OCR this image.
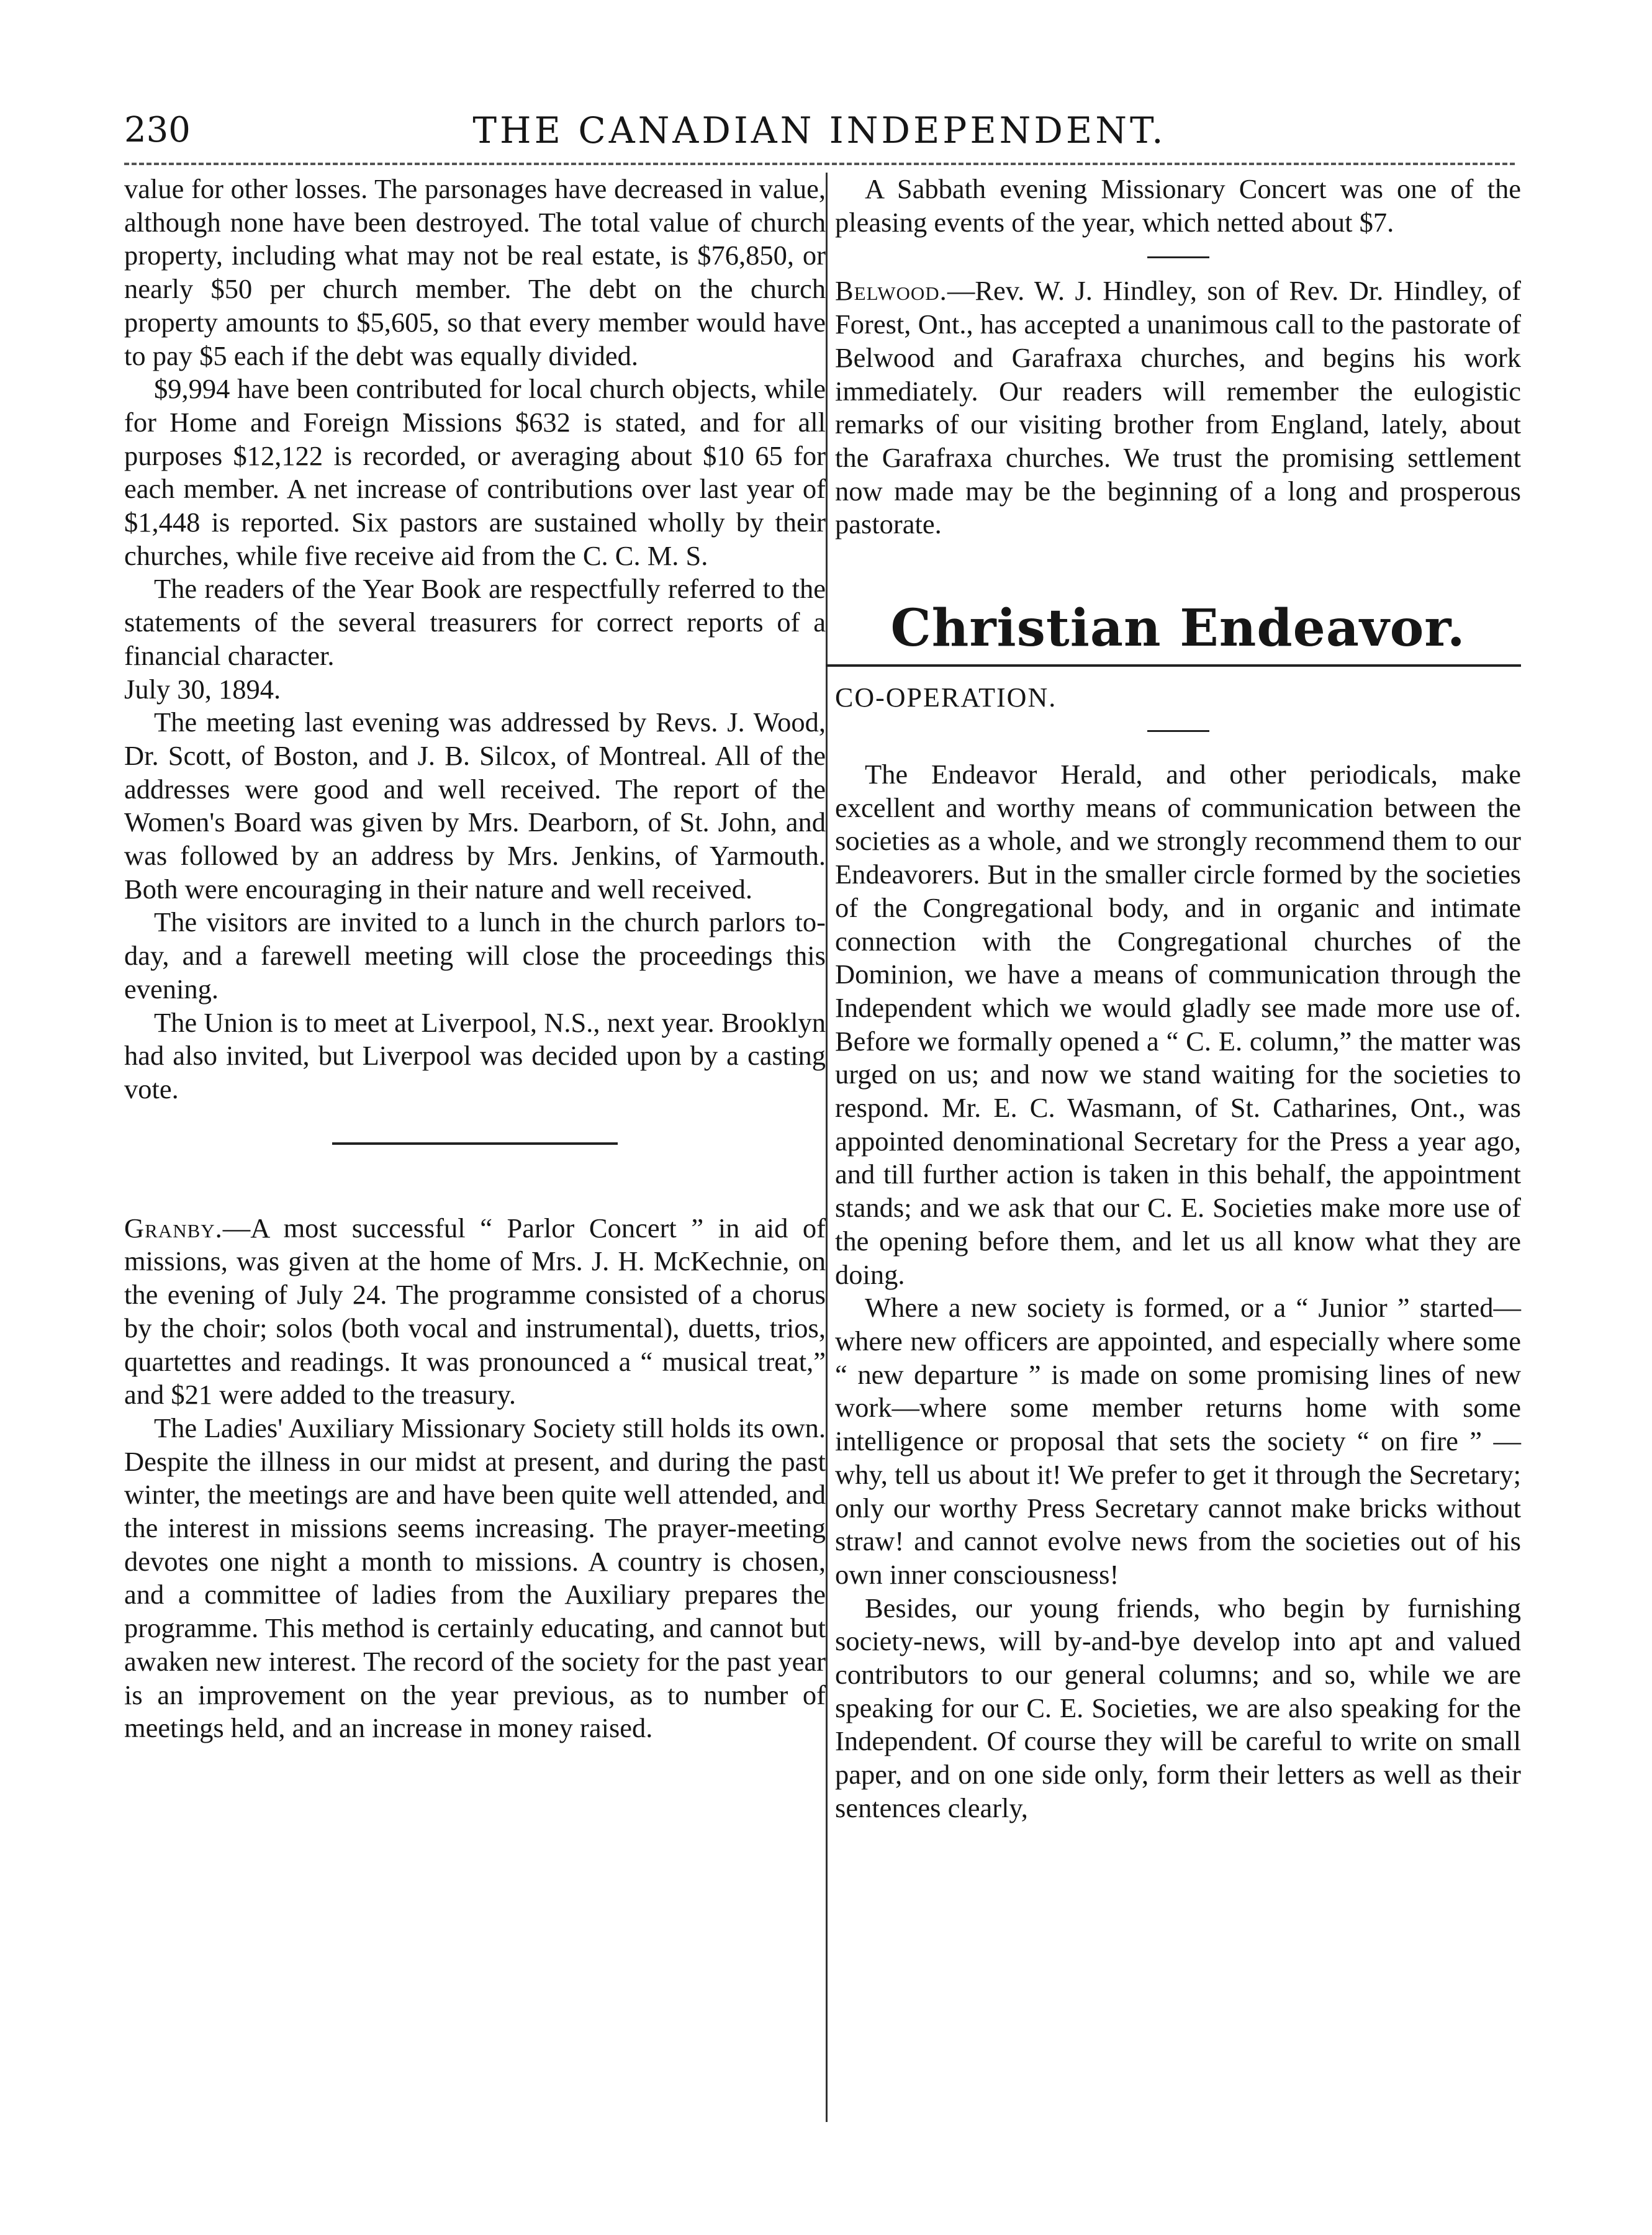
230	THE CANADIAN INDEPENDENT.

value for other losses. The parsonages have decreased in value, although none have been destroyed. The total value of church property, including what may not be real estate, is $76,850, or nearly $50 per church member. The debt on the church property amounts to $5,605, so that every member would have to pay $5 each if the debt was equally divided.

$9,994 have been contributed for local church objects, while for Home and Foreign Missions $632 is stated, and for all purposes $12,122 is recorded, or averaging about $10 65 for each member. A net increase of contributions over last year of $1,448 is reported. Six pastors are sustained wholly by their churches, while five receive aid from the C. C. M. S.

The readers of the Year Book are respectfully referred to the statements of the several treasurers for correct reports of a financial character.

July 30, 1894.

The meeting last evening was addressed by Revs. J. Wood, Dr. Scott, of Boston, and J. B. Silcox, of Montreal. All of the addresses were good and well received. The report of the Women's Board was given by Mrs. Dearborn, of St. John, and was followed by an address by Mrs. Jenkins, of Yarmouth. Both were encouraging in their nature and well received.

The visitors are invited to a lunch in the church parlors to-day, and a farewell meeting will close the proceedings this evening.

The Union is to meet at Liverpool, N.S., next year. Brooklyn had also invited, but Liverpool was decided upon by a casting vote.

Granby.—A most successful “ Parlor Concert ” in aid of missions, was given at the home of Mrs. J. H. McKechnie, on the evening of July 24. The programme consisted of a chorus by the choir; solos (both vocal and instrumental), duetts, trios, quartettes and readings. It was pronounced a “ musical treat,” and $21 were added to the treasury.

The Ladies' Auxiliary Missionary Society still holds its own. Despite the illness in our midst at present, and during the past winter, the meetings are and have been quite well attended, and the interest in missions seems increasing. The prayer-meeting devotes one night a month to missions. A country is chosen, and a committee of ladies from the Auxiliary prepares the programme. This method is certainly educating, and cannot but awaken new interest. The record of the society for the past year is an improvement on the year previous, as to number of meetings held, and an increase in money raised.

A Sabbath evening Missionary Concert was one of the pleasing events of the year, which netted about $7.

Belwood.—Rev. W. J. Hindley, son of Rev. Dr. Hindley, of Forest, Ont., has accepted a unanimous call to the pastorate of Belwood and Garafraxa churches, and begins his work immediately. Our readers will remember the eulogistic remarks of our visiting brother from England, lately, about the Garafraxa churches. We trust the promising settlement now made may be the beginning of a long and prosperous pastorate.

Christian Endeavor.

CO-OPERATION.

The Endeavor Herald, and other periodicals, make excellent and worthy means of communication between the societies as a whole, and we strongly recommend them to our Endeavorers. But in the smaller circle formed by the societies of the Congregational body, and in organic and intimate connection with the Congregational churches of the Dominion, we have a means of communication through the Independent which we would gladly see made more use of. Before we formally opened a “ C. E. column,” the matter was urged on us; and now we stand waiting for the societies to respond. Mr. E. C. Wasmann, of St. Catharines, Ont., was appointed denominational Secretary for the Press a year ago, and till further action is taken in this behalf, the appointment stands; and we ask that our C. E. Societies make more use of the opening before them, and let us all know what they are doing.

Where a new society is formed, or a “ Junior ” started—where new officers are appointed, and especially where some “ new departure ” is made on some promising lines of new work—where some member returns home with some intelligence or proposal that sets the society “ on fire ” —why, tell us about it! We prefer to get it through the Secretary; only our worthy Press Secretary cannot make bricks without straw! and cannot evolve news from the societies out of his own inner consciousness!

Besides, our young friends, who begin by furnishing society-news, will by-and-bye develop into apt and valued contributors to our general columns; and so, while we are speaking for our C. E. Societies, we are also speaking for the Independent. Of course they will be careful to write on small paper, and on one side only, form their letters as well as their sentences clearly,
